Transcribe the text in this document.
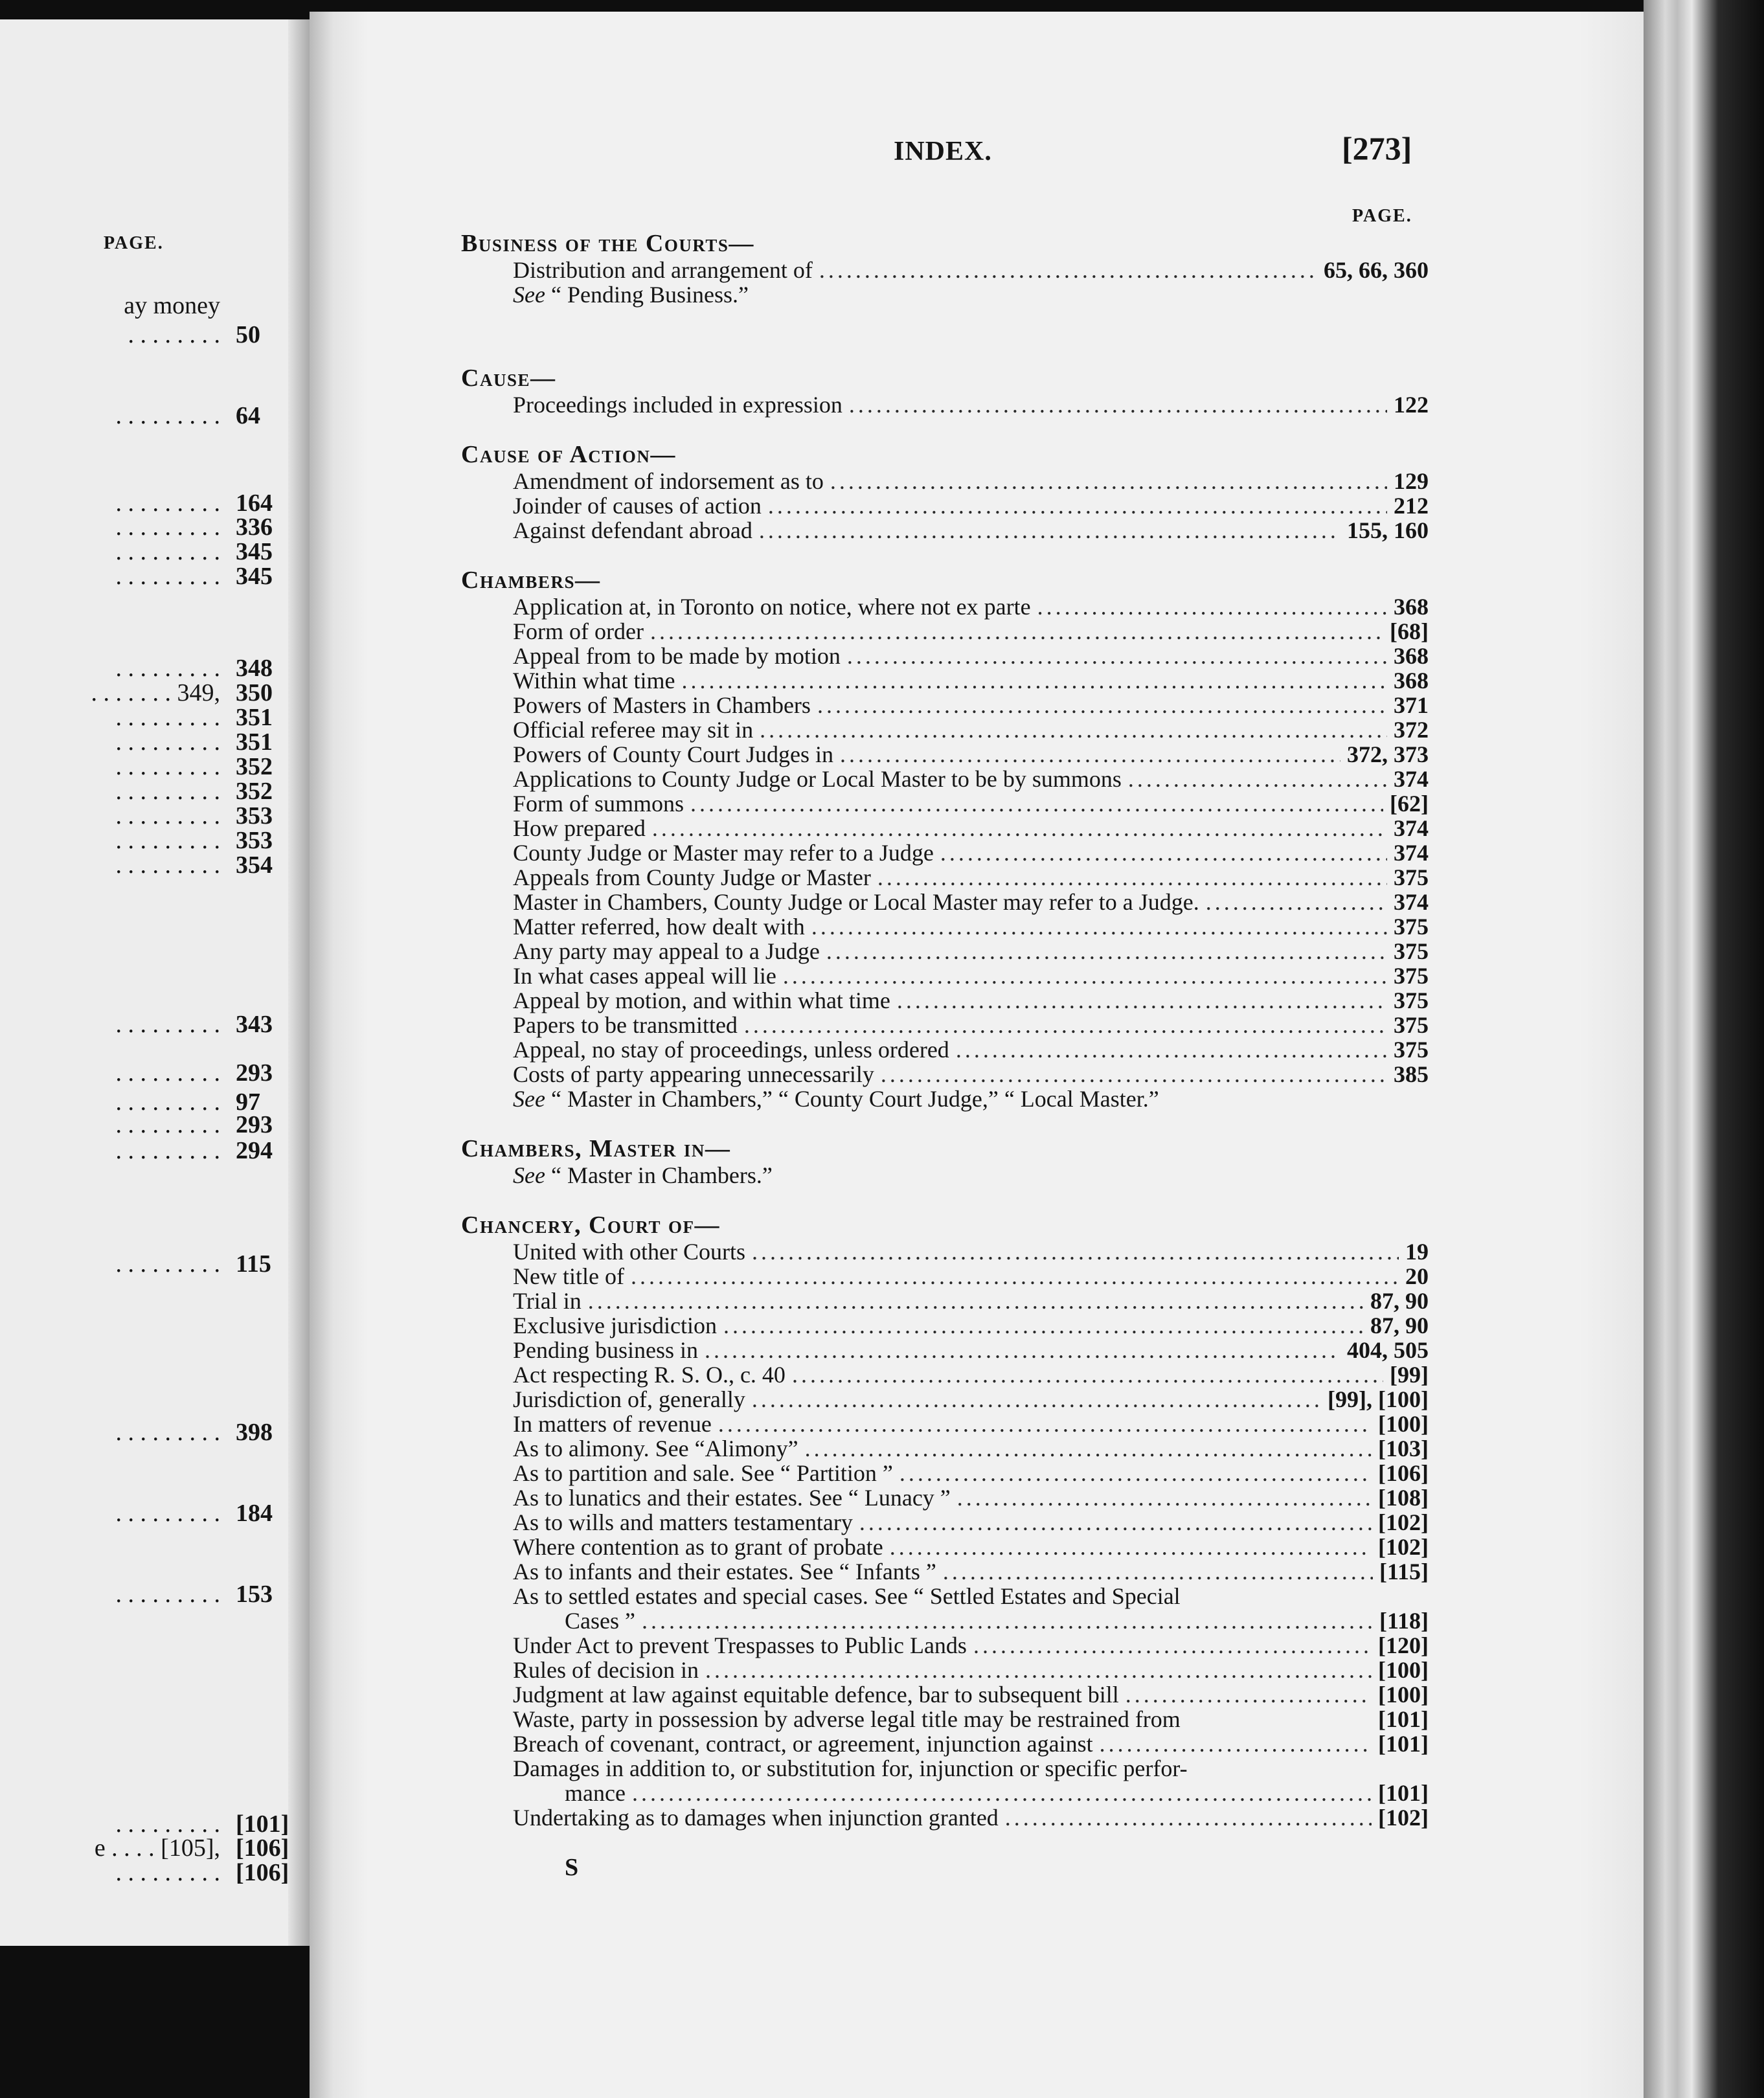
PAGE.
ay money
. . . . . . . . 50
. . . . . . . . . 64
. . . . . . . . . 164
. . . . . . . . . 336
. . . . . . . . . 345
. . . . . . . . . 345
. . . . . . . . . 348
. . . . . . . 349, 350
. . . . . . . . . 351
. . . . . . . . . 351
. . . . . . . . . 352
. . . . . . . . . 352
. . . . . . . . . 353
. . . . . . . . . 353
. . . . . . . . . 354
. . . . . . . . . 343
. . . . . . . . . 293
. . . . . . . . . 97
. . . . . . . . . 293
. . . . . . . . . 294
. . . . . . . . . 115
. . . . . . . . . 398
. . . . . . . . . 184
. . . . . . . . . 153
. . . . . . . . . [101]
e . . . . [105], [106]
. . . . . . . . . [106]
INDEX.	[273]
PAGE.
Business of the Courts—
Distribution and arrangement of . . .	65, 66, 360
See “ Pending Business.”
Cause—
Proceedings included in expression . . .	122
Cause of Action—
Amendment of indorsement as to . . .	129
Joinder of causes of action . . .	212
Against defendant abroad . . .	155, 160
Chambers—
Application at, in Toronto on notice, where not ex parte . . .	368
Form of order . . .	[68]
Appeal from to be made by motion . . .	368
Within what time . . .	368
Powers of Masters in Chambers . . .	371
Official referee may sit in . . .	372
Powers of County Court Judges in . . .	372, 373
Applications to County Judge or Local Master to be by summons . . .	374
Form of summons . . .	[62]
How prepared . . .	374
County Judge or Master may refer to a Judge . . .	374
Appeals from County Judge or Master . . .	375
Master in Chambers, County Judge or Local Master may refer to a Judge. . . .	374
Matter referred, how dealt with . . .	375
Any party may appeal to a Judge . . .	375
In what cases appeal will lie . . .	375
Appeal by motion, and within what time . . .	375
Papers to be transmitted . . .	375
Appeal, no stay of proceedings, unless ordered . . .	375
Costs of party appearing unnecessarily . . .	385
See “ Master in Chambers,” “ County Court Judge,” “ Local Master.”
Chambers, Master in—
See “ Master in Chambers.”
Chancery, Court of—
United with other Courts . . .	19
New title of . . .	20
Trial in . . .	87, 90
Exclusive jurisdiction . . .	87, 90
Pending business in . . .	404, 505
Act respecting R. S. O., c. 40 . . .	[99]
Jurisdiction of, generally . . .	[99], [100]
In matters of revenue . . .	[100]
As to alimony. See “Alimony” . . .	[103]
As to partition and sale. See “ Partition ” . . .	[106]
As to lunatics and their estates. See “ Lunacy ” . . .	[108]
As to wills and matters testamentary . . .	[102]
Where contention as to grant of probate . . .	[102]
As to infants and their estates. See “ Infants ” . . .	[115]
As to settled estates and special cases. See “ Settled Estates and Special
Cases ” . . .	[118]
Under Act to prevent Trespasses to Public Lands . . .	[120]
Rules of decision in . . .	[100]
Judgment at law against equitable defence, bar to subsequent bill . . .	[100]
Waste, party in possession by adverse legal title may be restrained from	[101]
Breach of covenant, contract, or agreement, injunction against . . .	[101]
Damages in addition to, or substitution for, injunction or specific perfor-
mance . . .	[101]
Undertaking as to damages when injunction granted . . .	[102]
S
